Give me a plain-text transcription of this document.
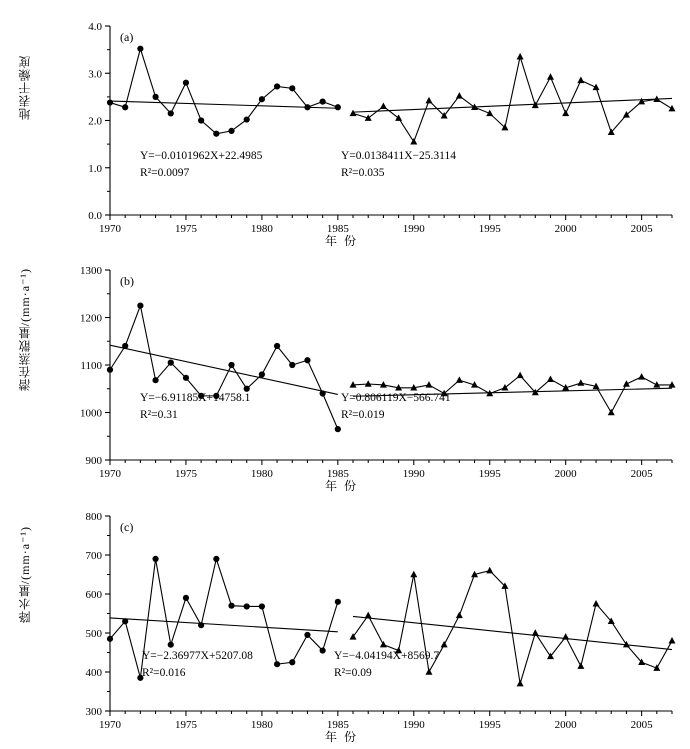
地表干燥度
0.0
1.0
2.0
3.0
4.0
1970	1975	1980	1985	1990	1995	2000	2005
(a)
Y=−0.0101962X+22.4985
R²=0.0097
Y=0.0138411X−25.3114
R²=0.035
年 份
潜在蒸散量/(mm·a⁻¹)
900
1000
1100
1200
1300
1970	1975	1980	1985	1990	1995	2000	2005
(b)
Y=−6.91185X+14758.1
R²=0.31
Y=0.806119X−566.741
R²=0.019
年 份
降水量/(mm·a⁻¹)
300
400
500
600
700
800
1970	1975	1980	1985	1990	1995	2000	2005
(c)
Y=−2.36977X+5207.08
R²=0.016
Y=−4.04194X+8569.7
R²=0.09
年 份
